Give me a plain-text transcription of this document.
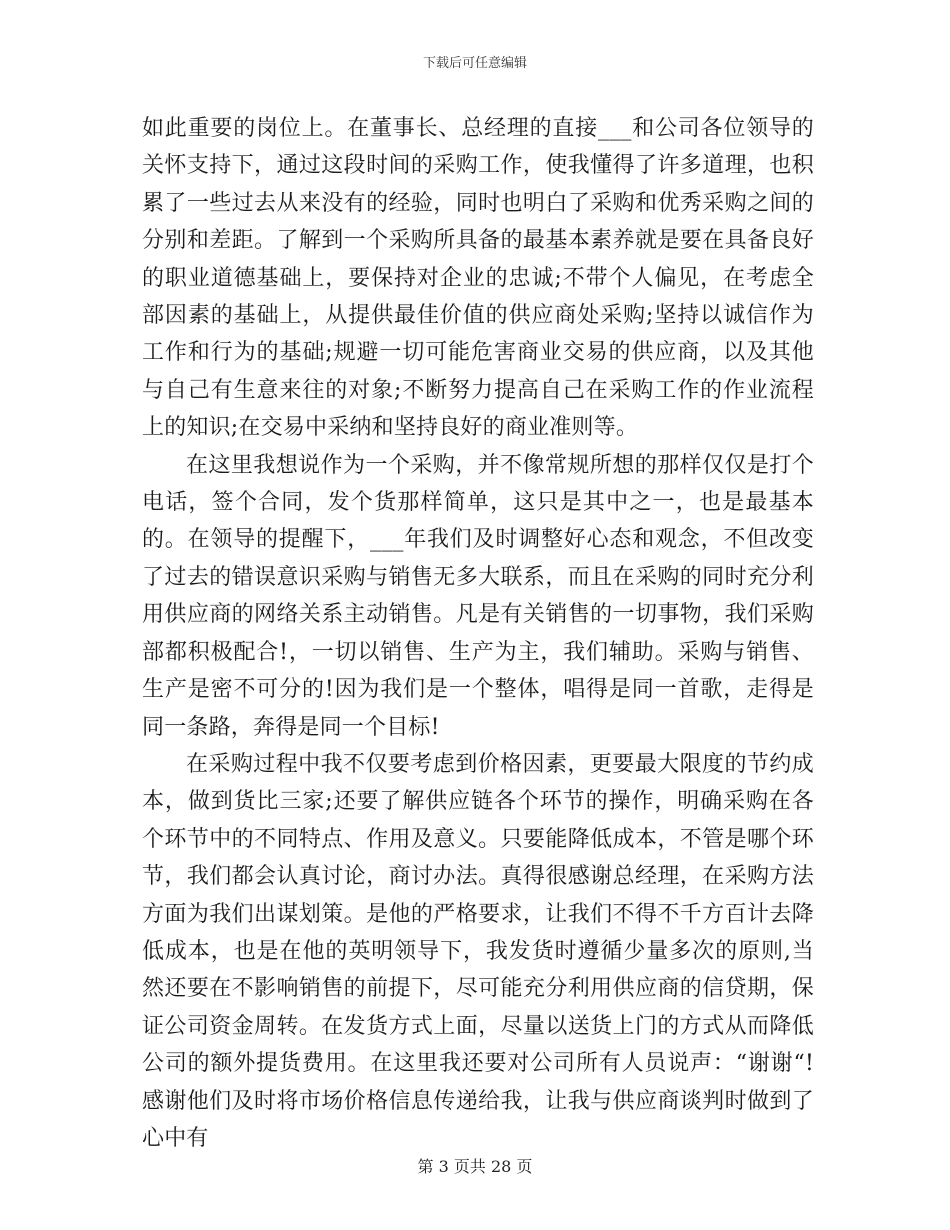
下载后可任意编辑

如此重要的岗位上。在董事长、总经理的直接___和公司各位领导的关怀支持下，通过这段时间的采购工作，使我懂得了许多道理，也积累了一些过去从来没有的经验，同时也明白了采购和优秀采购之间的分别和差距。了解到一个采购所具备的最基本素养就是要在具备良好的职业道德基础上，要保持对企业的忠诚;不带个人偏见，在考虑全部因素的基础上，从提供最佳价值的供应商处采购;坚持以诚信作为工作和行为的基础;规避一切可能危害商业交易的供应商，以及其他与自己有生意来往的对象;不断努力提高自己在采购工作的作业流程上的知识;在交易中采纳和坚持良好的商业准则等。

在这里我想说作为一个采购，并不像常规所想的那样仅仅是打个电话，签个合同，发个货那样简单，这只是其中之一，也是最基本的。在领导的提醒下，___年我们及时调整好心态和观念，不但改变了过去的错误意识采购与销售无多大联系，而且在采购的同时充分利用供应商的网络关系主动销售。凡是有关销售的一切事物，我们采购部都积极配合!，一切以销售、生产为主，我们辅助。采购与销售、生产是密不可分的!因为我们是一个整体，唱得是同一首歌，走得是同一条路，奔得是同一个目标!

在采购过程中我不仅要考虑到价格因素，更要最大限度的节约成本，做到货比三家;还要了解供应链各个环节的操作，明确采购在各个环节中的不同特点、作用及意义。只要能降低成本，不管是哪个环节，我们都会认真讨论，商讨办法。真得很感谢总经理，在采购方法方面为我们出谋划策。是他的严格要求，让我们不得不千方百计去降低成本，也是在他的英明领导下，我发货时遵循少量多次的原则,当然还要在不影响销售的前提下，尽可能充分利用供应商的信贷期，保证公司资金周转。在发货方式上面，尽量以送货上门的方式从而降低公司的额外提货费用。在这里我还要对公司所有人员说声：“谢谢“!感谢他们及时将市场价格信息传递给我，让我与供应商谈判时做到了心中有

第 3 页共 28 页
